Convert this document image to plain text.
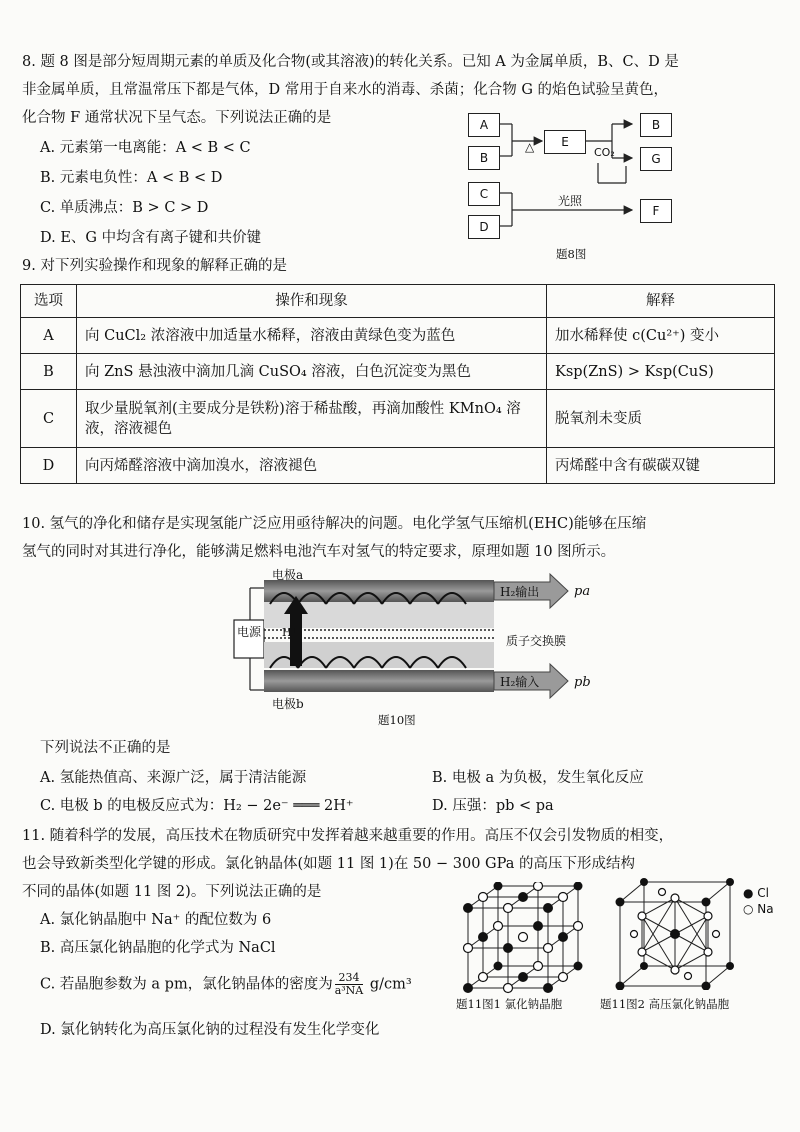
8. 题 8 图是部分短周期元素的单质及化合物(或其溶液)的转化关系。已知 A 为金属单质，B、C、D 是
非金属单质，且常温常压下都是气体，D 常用于自来水的消毒、杀菌；化合物 G 的焰色试验呈黄色，
化合物 F 通常状况下呈气态。下列说法正确的是
A. 元素第一电离能：A < B < C
B. 元素电负性：A < B < D
C. 单质沸点：B > C > D
D. E、G 中均含有离子键和共价键
A
B
C
D
E
B
G
F
△	CO₂
光照
题8图
9. 对下列实验操作和现象的解释正确的是
选项	操作和现象	解释
A	向 CuCl₂ 浓溶液中加适量水稀释，溶液由黄绿色变为蓝色	加水稀释使 c(Cu²⁺) 变小
B	向 ZnS 悬浊液中滴加几滴 CuSO₄ 溶液，白色沉淀变为黑色	Ksp(ZnS) > Ksp(CuS)
C	取少量脱氧剂(主要成分是铁粉)溶于稀盐酸，再滴加酸性 KMnO₄ 溶液，溶液褪色	脱氧剂未变质
D	向丙烯醛溶液中滴加溴水，溶液褪色	丙烯醛中含有碳碳双键
10. 氢气的净化和储存是实现氢能广泛应用亟待解决的问题。电化学氢气压缩机(EHC)能够在压缩
氢气的同时对其进行净化，能够满足燃料电池汽车对氢气的特定要求，原理如题 10 图所示。
电极a
电极b
H₂输出
H₂输入
pa
pb
电源 H⁺
质子交换膜
题10图
下列说法不正确的是
A. 氢能热值高、来源广泛，属于清洁能源	B. 电极 a 为负极，发生氧化反应
C. 电极 b 的电极反应式为：H₂ − 2e⁻ ═══ 2H⁺	D. 压强：pb < pa
11. 随着科学的发展，高压技术在物质研究中发挥着越来越重要的作用。高压不仅会引发物质的相变，
也会导致新类型化学键的形成。氯化钠晶体(如题 11 图 1)在 50 − 300 GPa 的高压下形成结构
不同的晶体(如题 11 图 2)。下列说法正确的是
A. 氯化钠晶胞中 Na⁺ 的配位数为 6
B. 高压氯化钠晶胞的化学式为 NaCl
C. 若晶胞参数为 a pm，氯化钠晶体的密度为 $\frac{234}{\text{a³NA}} g/cm^3$
D. 氯化钠转化为高压氯化钠的过程没有发生化学变化
题11图1 氯化钠晶胞
● Cl
○ Na
题11图2 高压氯化钠晶胞
